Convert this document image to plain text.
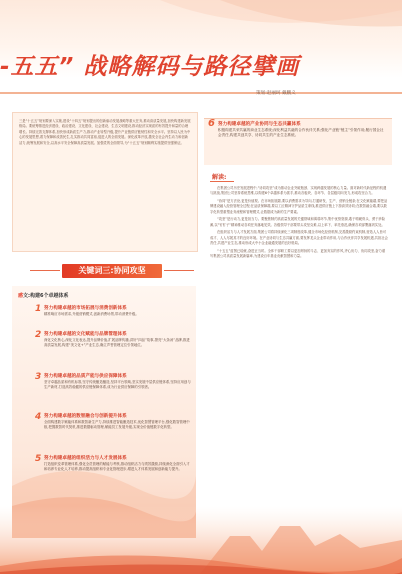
-五五” 战略解码与路径擘画
策划:赵丽珂 戴鹏义
三是“十五五”规划要深入实施,建设“十四五”规划提出的创新驱动发展战略等重大任务,推动高质量发展,加快构建新发展格局。要统筹推进经济建设、政治建设、文化建设、社会建设、生态文明建设,推动经济实现质的有效提升和量的合理增长。持续完善支撑体系,加快形成新质生产力,推动产业转型升级,提升产业链供应链韧性和安全水平。坚持以人民为中心的发展思想,着力保障和改善民生,扎实推动共同富裕,促进人的全面发展。深化改革开放,激发全社会内生动力和创新活力,统筹发展和安全,以高水平安全保障高质量发展。加强党的全面领导,为“十五五”规划顺利实施提供坚强保证。
关键词三:协同攻坚
感文:构建6个卓越体系
1 努力构建卓越的市场拓展与消费创新体系
精准响应市场需求,升级营销模式,创新消费场景,带动消费升级。
2 努力构建卓越的文化赋能与品牌管理体系
深化文化核心,深化文化表达,提升品牌价值,扩展品牌传播,讲好“四品”故事,擦亮“大条汤”品牌,推进高质量发展,构建“美文化+”产业生态,确立声誉管理定位引领地位。
3 努力构建卓越的品质产能与供应保障体系
坚守卓越品质和有机标准,坚守传统酿造酿造,坚持平台领域,坚实发展中层供应链体系,坚持应用创与生产新材,打造高效稳健的供应链保障体系,成为行业供应保障的引领者。
4 努力构建卓越的数智融合与创新提升体系
全面构建数字赋能体系和数智新生产力,持续推进智能酿造技术,优化智慧管理平台,强化数智管理中枢,把握数智时代契机,推进数据驱动管理,赋能员工发展升级,实现全价值链数字化转型。
5 努力构建卓越的组织活力与人才发展体系
打造组织变革管理体系,强化全员管理的赋能与考核,推动组织活力与绩效激励,持续深化全面引入才和培养专业化人才培养,推动提高组织和专业化管理进步,增进人才体系发展和创新能力提升。
6 努力构建卓越的产业协同与生态共赢体系
积极构建共荣共赢的商业生态系统;深化利益共融的合作伙伴关系;强化产业链“链主”引领作用;履行国企社会责任,构建共创共享、协同共生的产业生态系统。
解读:

在集团公司历史发展进程中,“协同攻坚”成为推动企业突破瓶颈、实现跨越发展的核心力量。面对新时代新征程的机遇与挑战,集团公司坚持系统思维,以构建6个卓越体系为抓手,推动各板块、各环节、各层级同向发力,形成攻坚合力。

“协同”是方法论,更是价值观。在市场拓展端,要以消费需求为导向,打通研发、生产、营销全链条;在文化赋能端,要把品牌建设融入经营管理全过程;在品质保障端,要以工匠精神守护品质生命线,推进供应链上下游高效协同;在数智融合端,要以数字化转型重塑业务流程和管理模式,让数据成为新的生产要素。

“攻坚”是行动力,更是担当力。要聚焦制约高质量发展的关键领域和薄弱环节,集中优势资源,敢于啃硬骨头、勇于涉险滩,以“钉钉子”精神推动各项任务落地见效。各级领导干部要带头攻坚克难,以上率下、率先垂范,确保各项部署落到实处。

在组织活力与人才发展方面,集团公司将持续深化三项制度改革,健全市场化经营机制,完善激励约束机制,营造人人皆可成才、人人尽展其才的良好环境。在产业协同与生态共赢方面,要发挥龙头企业带动作用,与合作伙伴共享发展机遇,共担社会责任,共建产业生态,推动形成大中小企业融通发展的良好格局。

“十五五”蓝图已绘就,奋进正当时。全体干部职工要以更加昂扬的斗志、更加务实的作风,齐心协力、协同攻坚,奋力谱写集团公司高质量发展新篇章,为建设百年基业贡献智慧和力量。
